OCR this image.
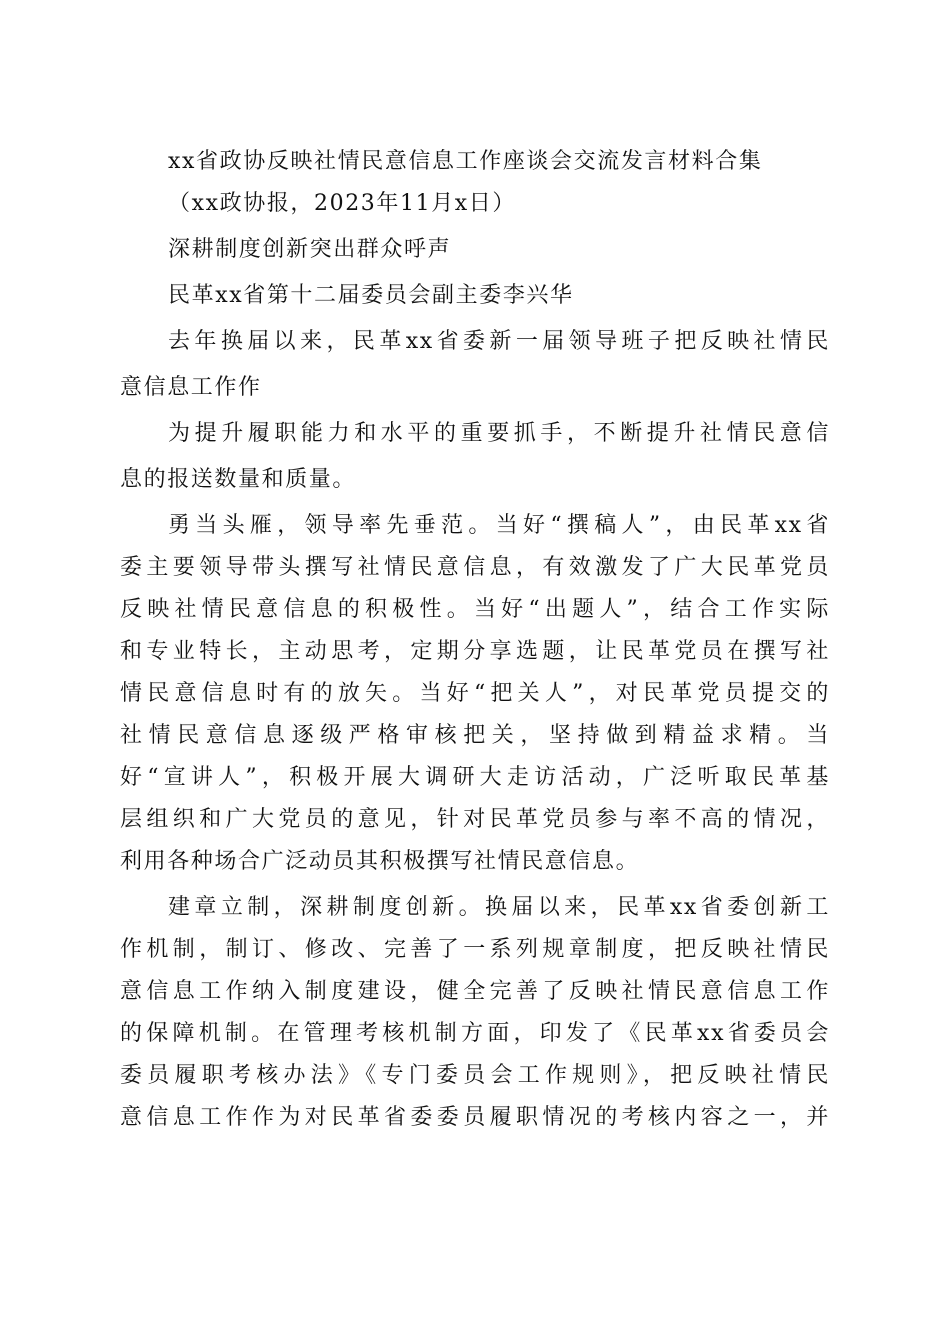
xx省政协反映社情民意信息工作座谈会交流发言材料合集
（xx政协报，2023年11月x日）
深耕制度创新突出群众呼声
民革xx省第十二届委员会副主委李兴华
去年换届以来，民革xx省委新一届领导班子把反映社情民
意信息工作作
为提升履职能力和水平的重要抓手，不断提升社情民意信
息的报送数量和质量。
勇当头雁，领导率先垂范。当好“撰稿人”，由民革xx省
委主要领导带头撰写社情民意信息，有效激发了广大民革党员
反映社情民意信息的积极性。当好“出题人”，结合工作实际
和专业特长，主动思考，定期分享选题，让民革党员在撰写社
情民意信息时有的放矢。当好“把关人”，对民革党员提交的
社情民意信息逐级严格审核把关，坚持做到精益求精。当
好“宣讲人”，积极开展大调研大走访活动，广泛听取民革基
层组织和广大党员的意见，针对民革党员参与率不高的情况，
利用各种场合广泛动员其积极撰写社情民意信息。
建章立制，深耕制度创新。换届以来，民革xx省委创新工
作机制，制订、修改、完善了一系列规章制度，把反映社情民
意信息工作纳入制度建设，健全完善了反映社情民意信息工作
的保障机制。在管理考核机制方面，印发了《民革xx省委员会
委员履职考核办法》《专门委员会工作规则》，把反映社情民
意信息工作作为对民革省委委员履职情况的考核内容之一，并
